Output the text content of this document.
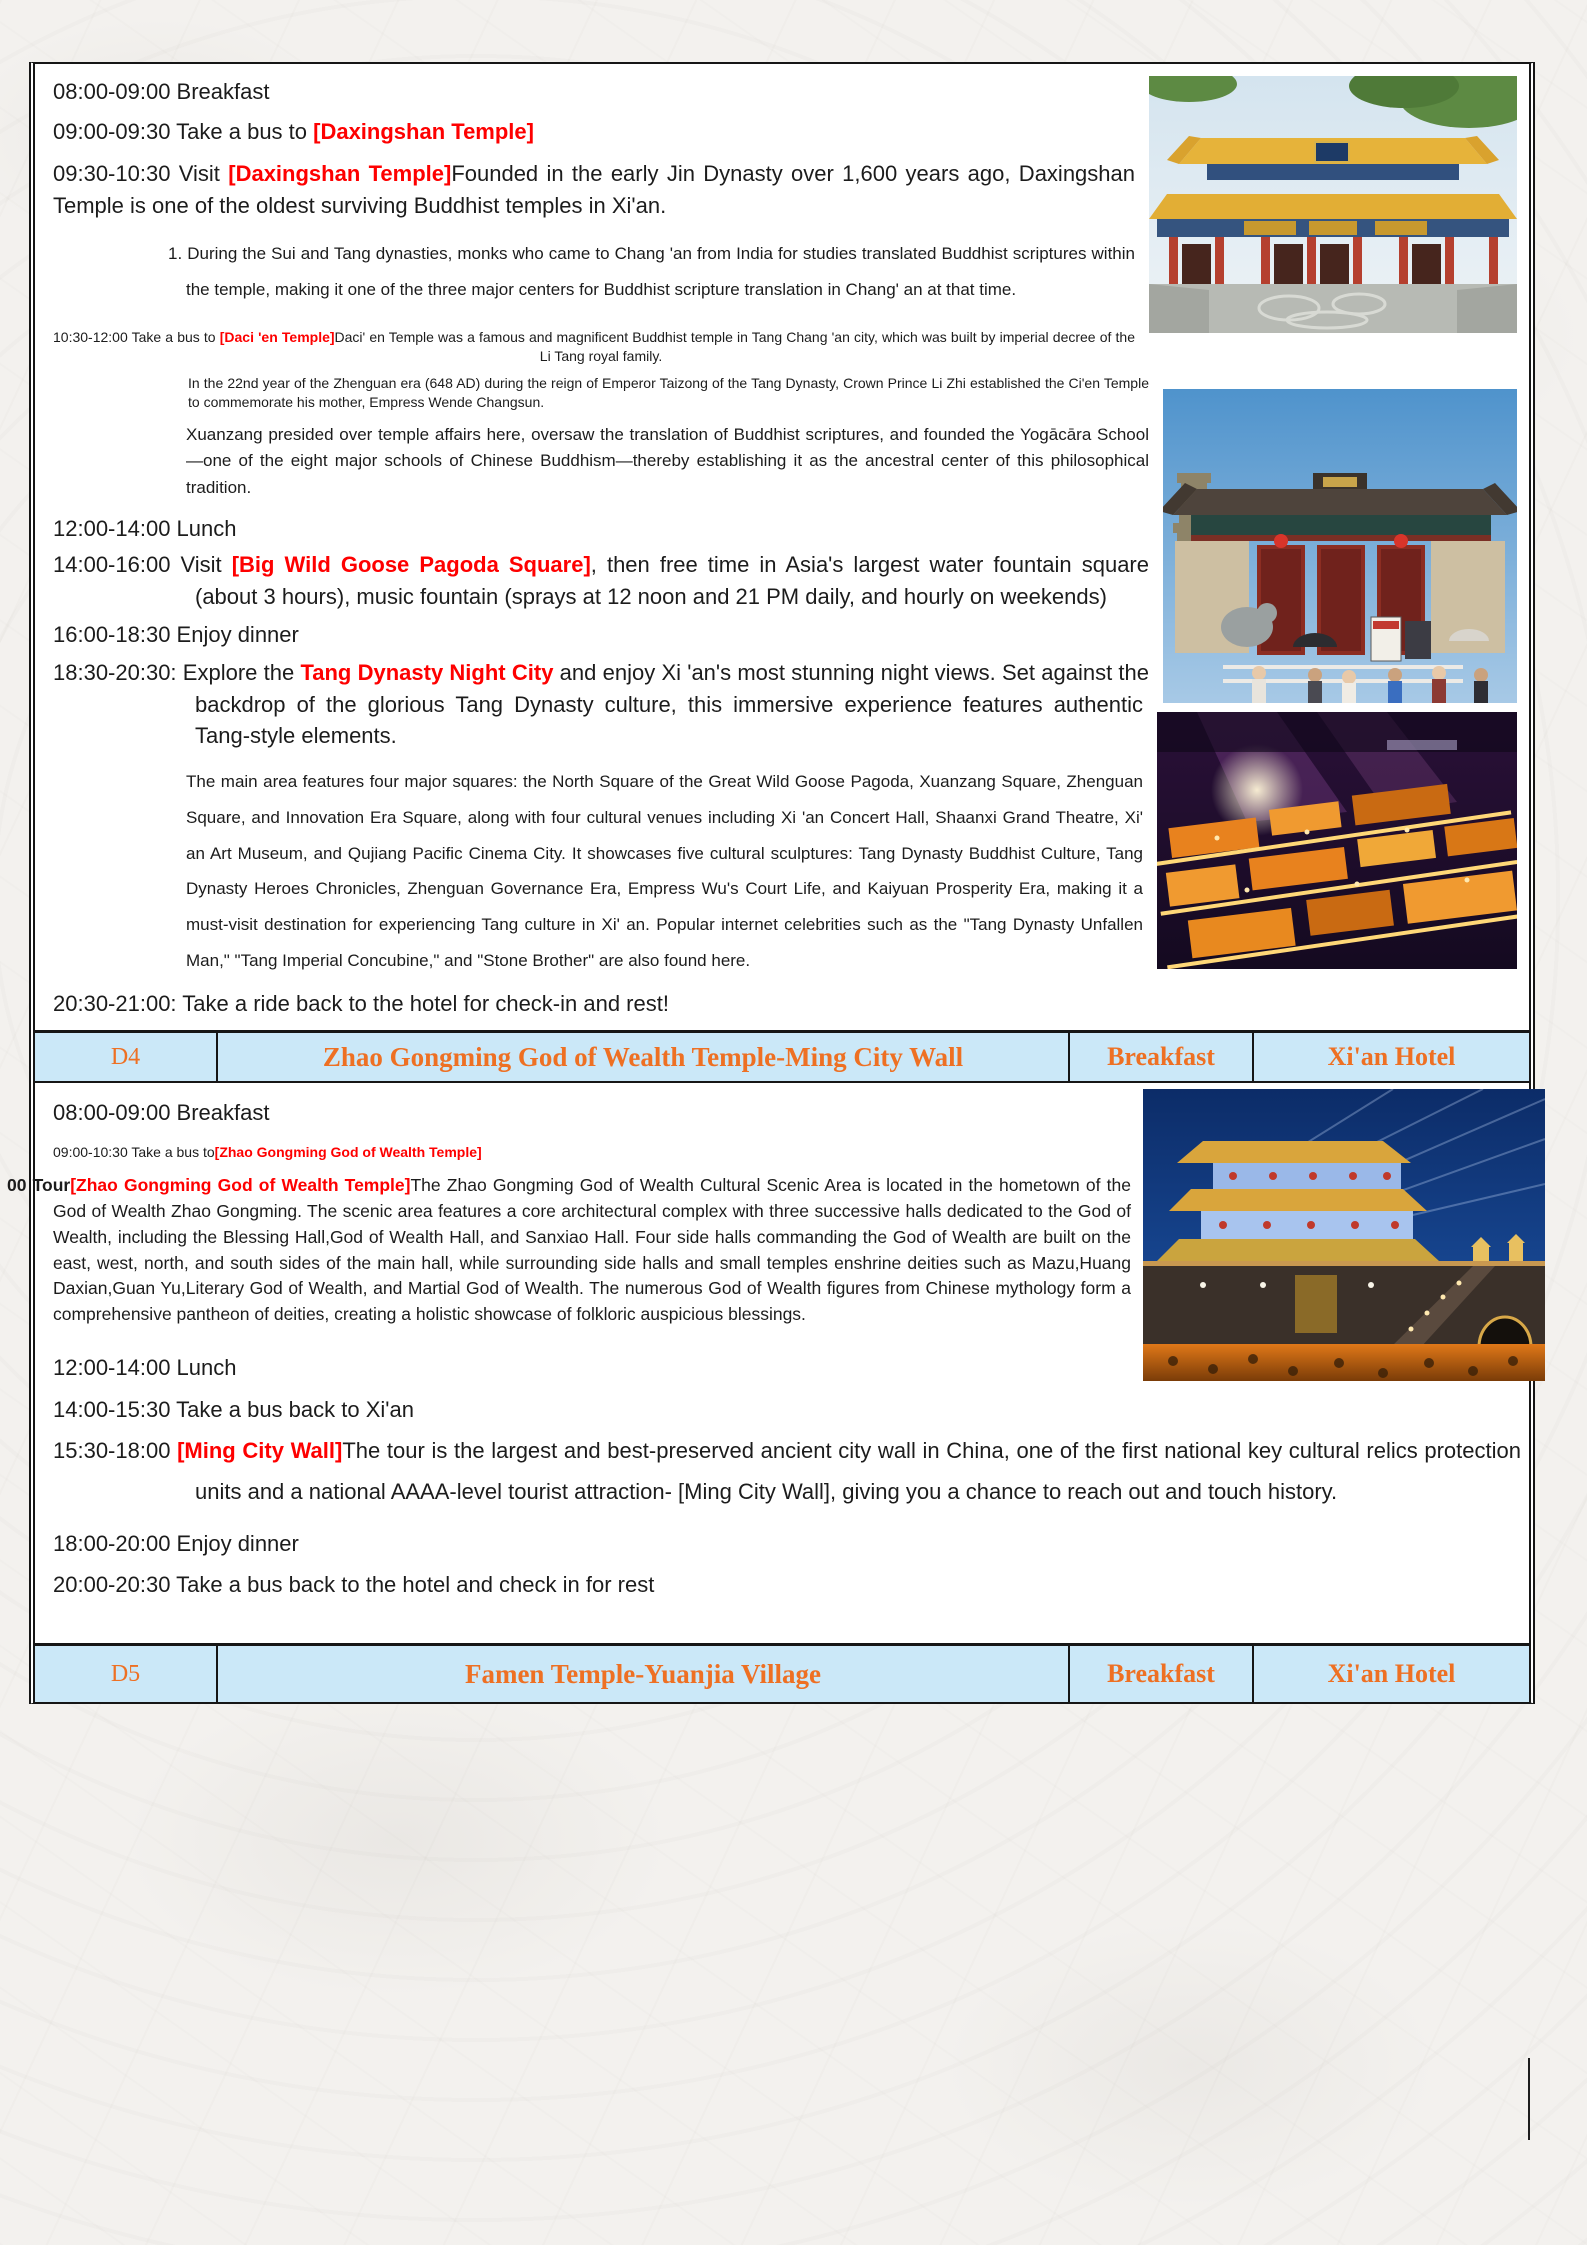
08:00-09:00 Breakfast
09:00-09:30 Take a bus to [Daxingshan Temple]
09:30-10:30 Visit [Daxingshan Temple]Founded in the early Jin Dynasty over 1,600 years ago, Daxingshan Temple is one of the oldest surviving Buddhist temples in Xi'an.
1. During the Sui and Tang dynasties, monks who came to Chang 'an from India for studies translated Buddhist scriptures within the temple, making it one of the three major centers for Buddhist scripture translation in Chang' an at that time.
10:30-12:00 Take a bus to [Daci 'en Temple]Daci' en Temple was a famous and magnificent Buddhist temple in Tang Chang 'an city, which was built by imperial decree of the Li Tang royal family.
In the 22nd year of the Zhenguan era (648 AD) during the reign of Emperor Taizong of the Tang Dynasty, Crown Prince Li Zhi established the Ci'en Temple to commemorate his mother, Empress Wende Changsun.
Xuanzang presided over temple affairs here, oversaw the translation of Buddhist scriptures, and founded the Yogācāra School—one of the eight major schools of Chinese Buddhism—thereby establishing it as the ancestral center of this philosophical tradition.
12:00-14:00 Lunch
14:00-16:00 Visit [Big Wild Goose Pagoda Square], then free time in Asia's largest water fountain square (about 3 hours), music fountain (sprays at 12 noon and 21 PM daily, and hourly on weekends)
16:00-18:30 Enjoy dinner
18:30-20:30: Explore the Tang Dynasty Night City and enjoy Xi 'an's most stunning night views. Set against the backdrop of the glorious Tang Dynasty culture, this immersive experience features authentic Tang-style elements.
The main area features four major squares: the North Square of the Great Wild Goose Pagoda, Xuanzang Square, Zhenguan Square, and Innovation Era Square, along with four cultural venues including Xi 'an Concert Hall, Shaanxi Grand Theatre, Xi' an Art Museum, and Qujiang Pacific Cinema City. It showcases five cultural sculptures: Tang Dynasty Buddhist Culture, Tang Dynasty Heroes Chronicles, Zhenguan Governance Era, Empress Wu's Court Life, and Kaiyuan Prosperity Era, making it a must-visit destination for experiencing Tang culture in Xi' an. Popular internet celebrities such as the "Tang Dynasty Unfallen Man," "Tang Imperial Concubine," and "Stone Brother" are also found here.
20:30-21:00: Take a ride back to the hotel for check-in and rest!
D4	Zhao Gongming God of Wealth Temple-Ming City Wall	Breakfast	Xi'an Hotel
08:00-09:00 Breakfast
09:00-10:30 Take a bus to[Zhao Gongming God of Wealth Temple]
00 Tour[Zhao Gongming God of Wealth Temple]The Zhao Gongming God of Wealth Cultural Scenic Area is located in the hometown of the God of Wealth Zhao Gongming. The scenic area features a core architectural complex with three successive halls dedicated to the God of Wealth, including the Blessing Hall,God of Wealth Hall, and Sanxiao Hall. Four side halls commanding the God of Wealth are built on the east, west, north, and south sides of the main hall, while surrounding side halls and small temples enshrine deities such as Mazu,Huang Daxian,Guan Yu,Literary God of Wealth, and Martial God of Wealth. The numerous God of Wealth figures from Chinese mythology form a comprehensive pantheon of deities, creating a holistic showcase of folkloric auspicious blessings.
12:00-14:00 Lunch
14:00-15:30 Take a bus back to Xi'an
15:30-18:00 [Ming City Wall]The tour is the largest and best-preserved ancient city wall in China, one of the first national key cultural relics protection units and a national AAAA-level tourist attraction- [Ming City Wall], giving you a chance to reach out and touch history.
18:00-20:00 Enjoy dinner
20:00-20:30 Take a bus back to the hotel and check in for rest
D5	Famen Temple-Yuanjia Village	Breakfast	Xi'an Hotel
